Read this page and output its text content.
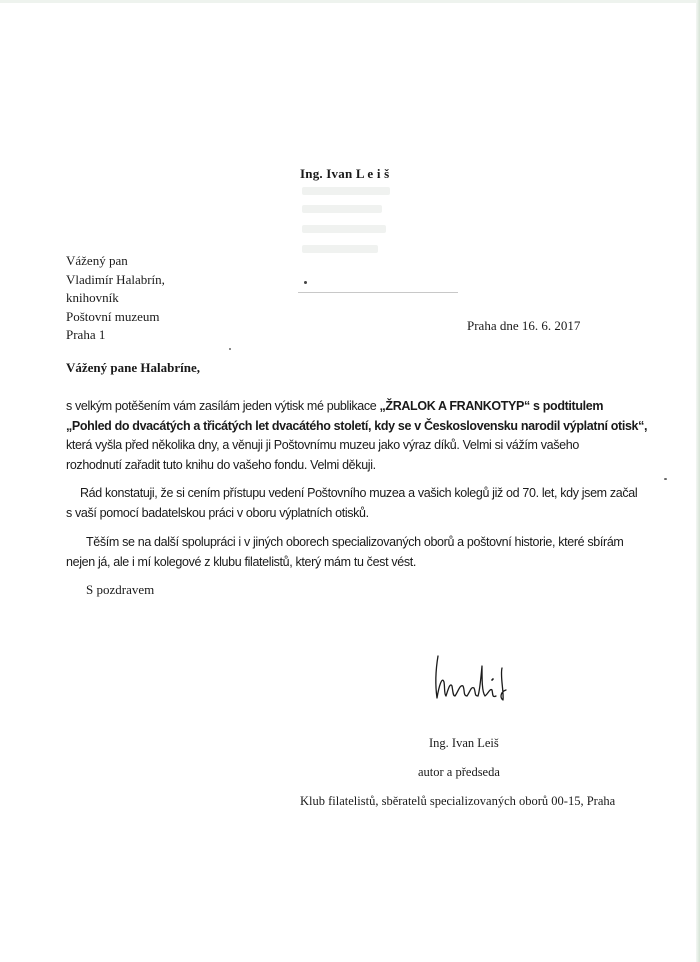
Ing. Ivan L e i š
Vážený pan
Vladimír Halabrín,
knihovník
Poštovní muzeum
Praha 1
Praha dne 16. 6. 2017
Vážený pane Halabríne,
s velkým potěšením vám zasílám jeden výtisk mé publikace „ŽRALOK A FRANKOTYP“ s podtitulem
„Pohled do dvacátých a třicátých let dvacátého století, kdy se v Československu narodil výplatní otisk“,
která vyšla před několika dny, a věnuji ji Poštovnímu muzeu jako výraz díků. Velmi si vážím vašeho
rozhodnutí zařadit tuto knihu do vašeho fondu. Velmi děkuji.
Rád konstatuji, že si cením přístupu vedení Poštovního muzea a vašich kolegů již od 70. let, kdy jsem začal
s vaší pomocí badatelskou práci v oboru výplatních otisků.
Těším se na další spolupráci i v jiných oborech specializovaných oborů a poštovní historie, které sbírám
nejen já, ale i mí kolegové z klubu filatelistů, který mám tu čest vést.
S pozdravem
Ing. Ivan Leiš
autor a předseda
Klub filatelistů, sběratelů specializovaných oborů 00-15, Praha
